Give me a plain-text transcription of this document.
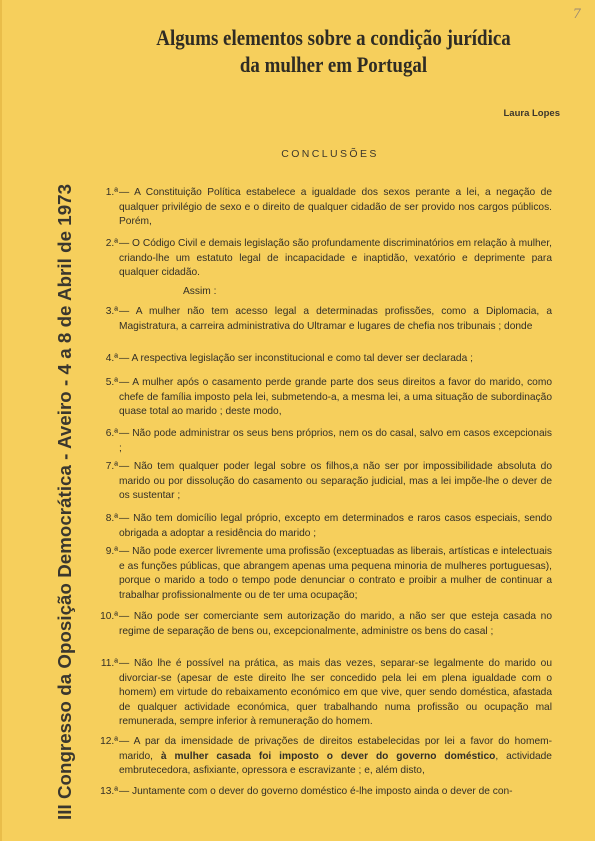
7
III Congresso da Oposição Democrática - Aveiro - 4 a 8 de Abril de 1973
Algums elementos sobre a condição jurídica
da mulher em Portugal
Laura Lopes
CONCLUSÕES
1.ª — A Constituição Política estabelece a igualdade dos sexos perante a lei, a negação de qualquer privilégio de sexo e o direito de qualquer cidadão de ser provido nos cargos públicos. Porém,
2.ª — O Código Civil e demais legislação são profundamente discriminatórios em relação à mulher, criando-lhe um estatuto legal de incapacidade e inaptidão, vexatório e deprimente para qualquer cidadão.
3.ª — A mulher não tem acesso legal a determinadas profissões, como a Diplomacia, a Magistratura, a carreira administrativa do Ultramar e lugares de chefia nos tribunais ; donde
4.ª — A respectiva legislação ser inconstitucional e como tal dever ser declarada ;
5.ª — A mulher após o casamento perde grande parte dos seus direitos a favor do marido, como chefe de família imposto pela lei, submetendo-a, a mesma lei, a uma situação de subordinação quase total ao marido ; deste modo,
6.ª — Não pode administrar os seus bens próprios, nem os do casal, salvo em casos excepcionais ;
7.ª — Não tem qualquer poder legal sobre os filhos,a não ser por impossibilidade absoluta do marido ou por dissolução do casamento ou separação judicial, mas a lei impõe-lhe o dever de os sustentar ;
8.ª — Não tem domicílio legal próprio, excepto em determinados e raros casos especiais, sendo obrigada a adoptar a residência do marido ;
9.ª — Não pode exercer livremente uma profissão (exceptuadas as liberais, artísticas e intelectuais e as funções públicas, que abrangem apenas uma pequena minoria de mulheres portuguesas), porque o marido a todo o tempo pode denunciar o contrato e proibir a mulher de continuar a trabalhar profissionalmente ou de ter uma ocupação;
10.ª — Não pode ser comerciante sem autorização do marido, a não ser que esteja casada no regime de separação de bens ou, excepcionalmente, administre os bens do casal ;
11.ª — Não lhe é possível na prática, as mais das vezes, separar-se legalmente do marido ou divorciar-se (apesar de este direito lhe ser concedido pela lei em plena igualdade com o homem) em virtude do rebaixamento económico em que vive, quer sendo doméstica, afastada de qualquer actividade económica, quer trabalhando numa profissão ou ocupação mal remunerada, sempre inferior à remuneração do homem.
12.ª — A par da imensidade de privações de direitos estabelecidas por lei a favor do homem- marido, à mulher casada foi imposto o dever do governo doméstico, actividade embrutecedora, asfixiante, opressora e escravizante ; e, além disto,
13.ª — Juntamente com o dever do governo doméstico é-lhe imposto ainda o dever de con-
Assim :
